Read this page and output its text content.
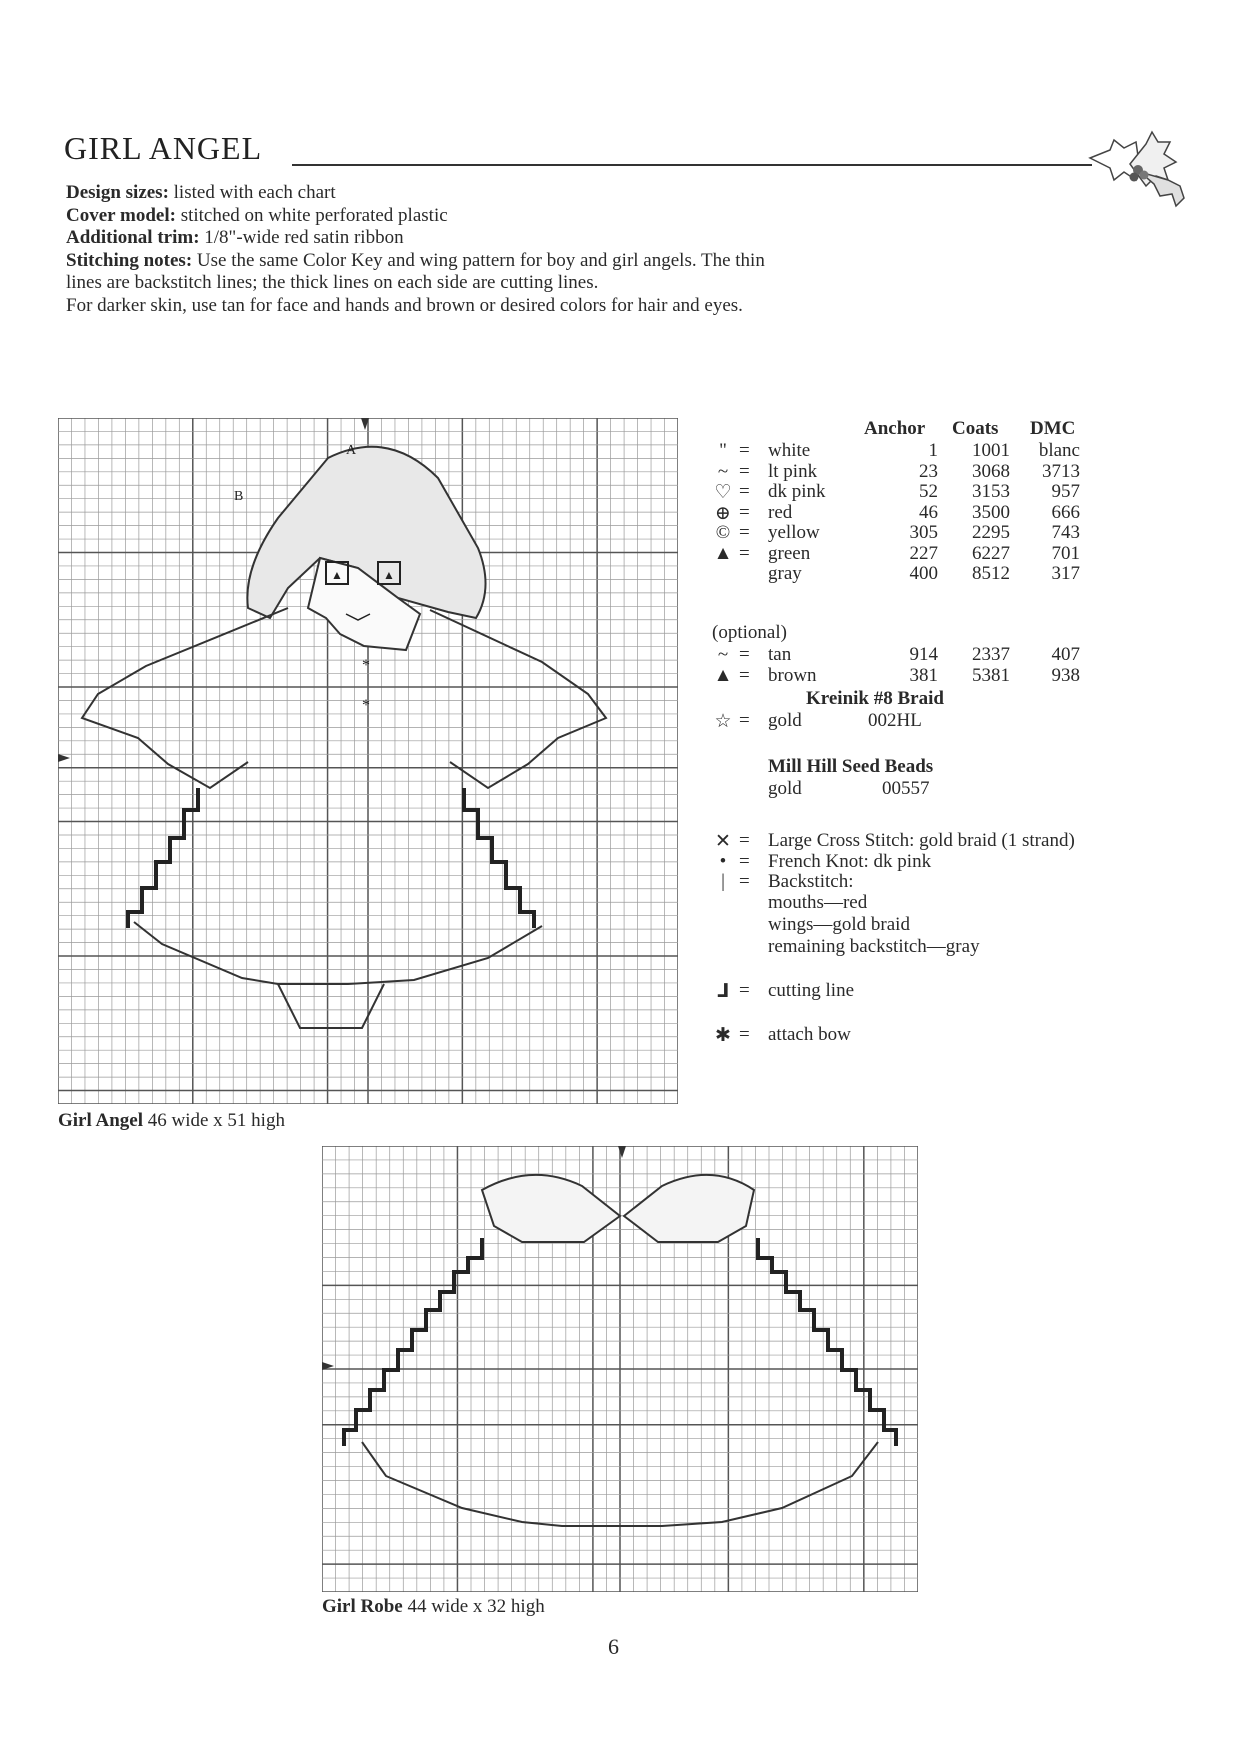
GIRL ANGEL

Design sizes: listed with each chart

Cover model: stitched on white perforated plastic

Additional trim: 1/8"-wide red satin ribbon

Stitching notes: Use the same Color Key and wing pattern for boy and girl angels. The thin

lines are backstitch lines; the thick lines on each side are cutting lines.

For darker skin, use tan for face and hands and brown or desired colors for hair and eyes.

▲	▲
A
B
*
*
Girl Angel 46 wide x 51 high
Anchor Coats DMC
" = white	1 1001 blanc
~ = lt pink	23 3068 3713
♡ = dk pink	52 3153 957
⊕ = red	46 3500 666
© = yellow	305 2295 743
▲ = green	227 6227 701
gray	400 8512 317
(optional)
~ = tan	914 2337 407
▲ = brown	381 5381 938
Kreinik #8 Braid
☆ = gold	002HL
Mill Hill Seed Beads
gold	00557
✕ = Large Cross Stitch: gold braid (1 strand)
• = French Knot: dk pink
| = Backstitch:
mouths—red
wings—gold braid
remaining backstitch—gray
⅃ = cutting line
✱ = attach bow
Girl Robe 44 wide x 32 high
6
